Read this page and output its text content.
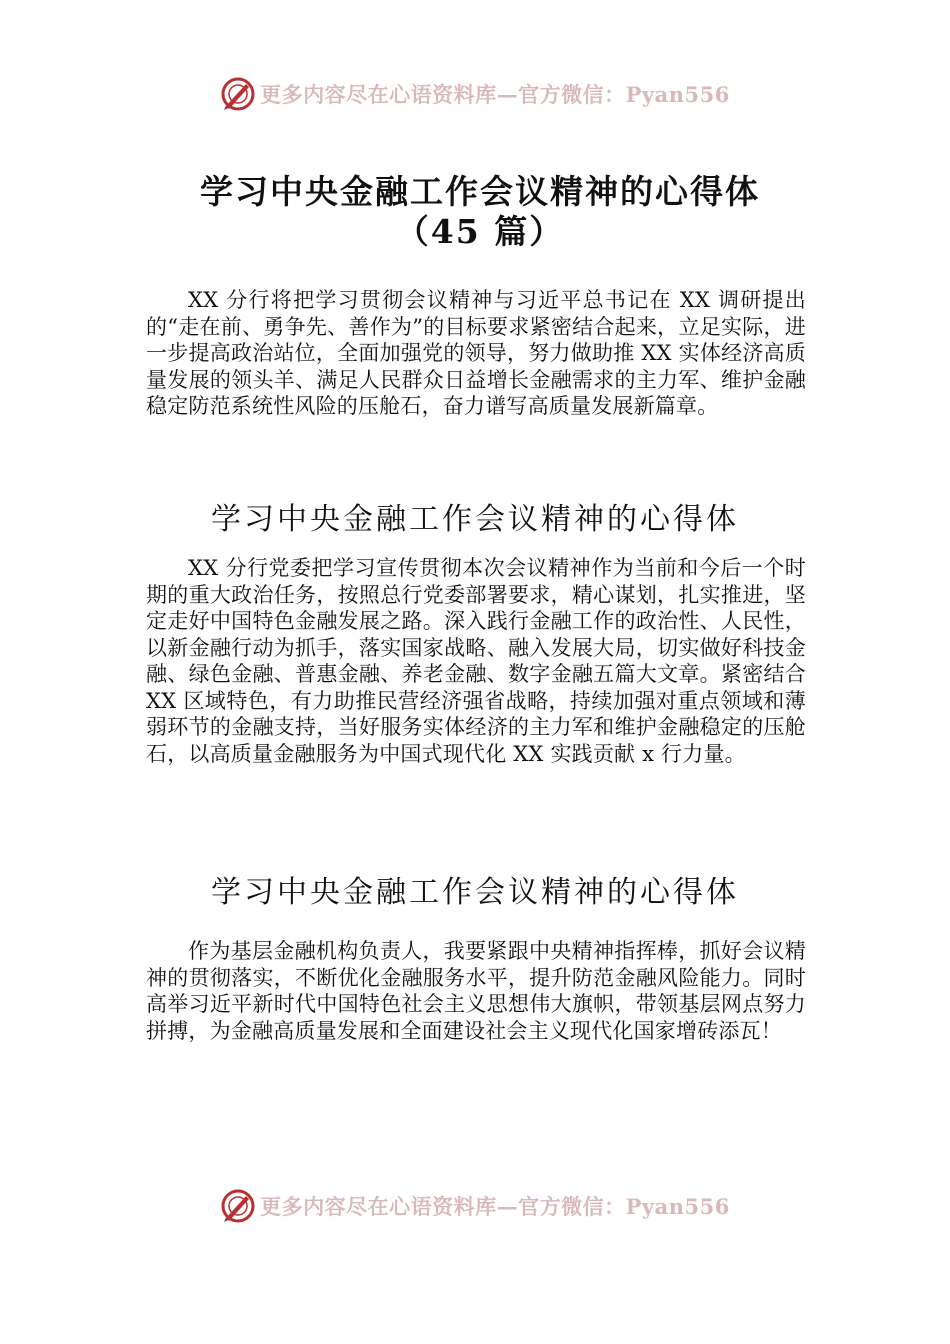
更多内容尽在心语资料库—官方微信：Pyan556
学习中央金融工作会议精神的心得体
（45 篇）

XX 分行将把学习贯彻会议精神与习近平总书记在 XX 调研提出的“走在前、勇争先、善作为”的目标要求紧密结合起来，立足实际，进一步提高政治站位，全面加强党的领导，努力做助推 XX 实体经济高质量发展的领头羊、满足人民群众日益增长金融需求的主力军、维护金融稳定防范系统性风险的压舱石，奋力谱写高质量发展新篇章。

学习中央金融工作会议精神的心得体

XX 分行党委把学习宣传贯彻本次会议精神作为当前和今后一个时期的重大政治任务，按照总行党委部署要求，精心谋划，扎实推进，坚定走好中国特色金融发展之路。深入践行金融工作的政治性、人民性，以新金融行动为抓手，落实国家战略、融入发展大局，切实做好科技金融、绿色金融、普惠金融、养老金融、数字金融五篇大文章。紧密结合 XX 区域特色，有力助推民营经济强省战略，持续加强对重点领域和薄弱环节的金融支持，当好服务实体经济的主力军和维护金融稳定的压舱石，以高质量金融服务为中国式现代化 XX 实践贡献 x 行力量。

学习中央金融工作会议精神的心得体

作为基层金融机构负责人，我要紧跟中央精神指挥棒，抓好会议精神的贯彻落实，不断优化金融服务水平，提升防范金融风险能力。同时高举习近平新时代中国特色社会主义思想伟大旗帜，带领基层网点努力拼搏，为金融高质量发展和全面建设社会主义现代化国家增砖添瓦！

更多内容尽在心语资料库—官方微信：Pyan556
